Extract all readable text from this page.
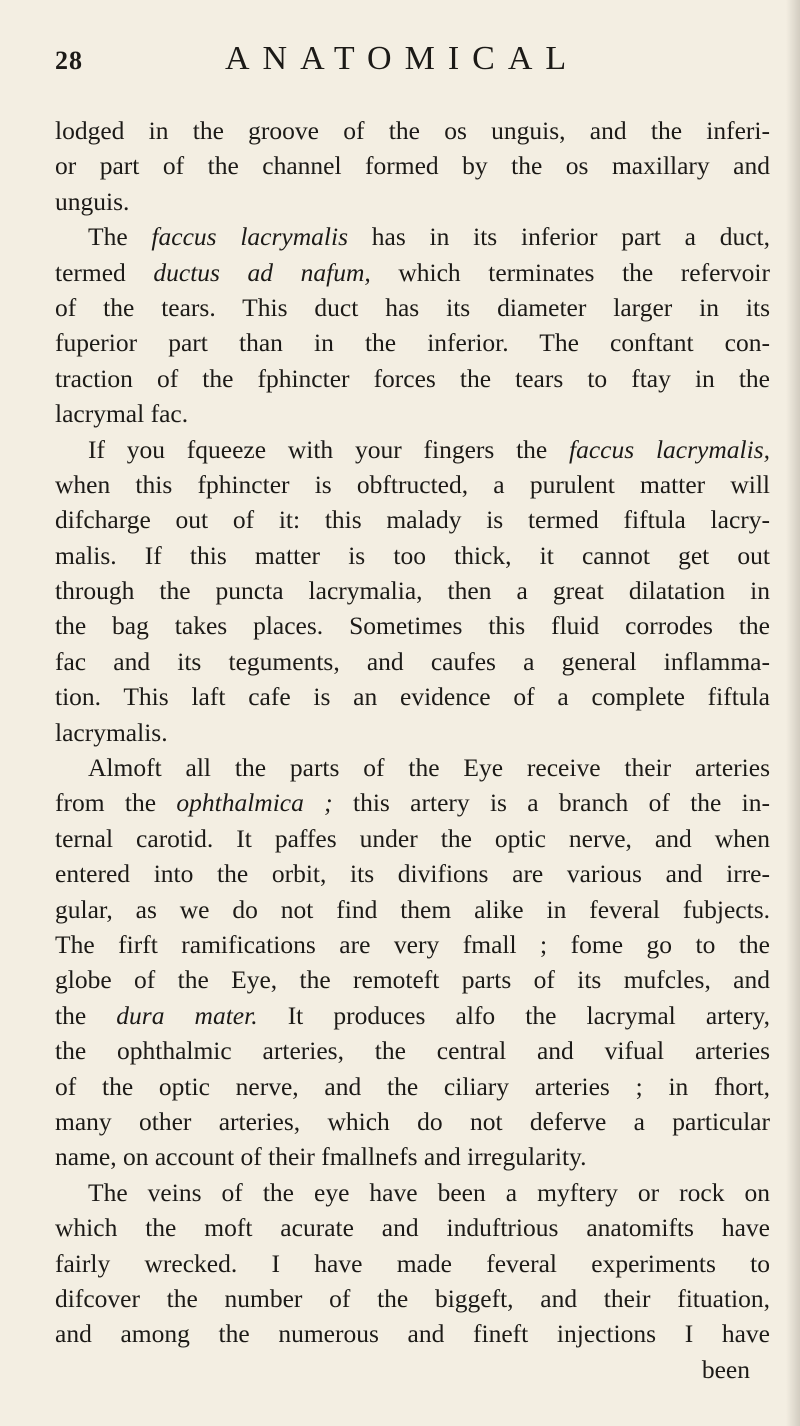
28	ANATOMICAL
lodged in the groove of the os unguis, and the inferi-
or part of the channel formed by the os maxillary and
unguis.
The faccus lacrymalis has in its inferior part a duct,
termed ductus ad nafum, which terminates the refervoir
of the tears. This duct has its diameter larger in its
fuperior part than in the inferior. The conftant con-
traction of the fphincter forces the tears to ftay in the
lacrymal fac.
If you fqueeze with your fingers the faccus lacrymalis,
when this fphincter is obftructed, a purulent matter will
difcharge out of it: this malady is termed fiftula lacry-
malis. If this matter is too thick, it cannot get out
through the puncta lacrymalia, then a great dilatation in
the bag takes places. Sometimes this fluid corrodes the
fac and its teguments, and caufes a general inflamma-
tion. This laft cafe is an evidence of a complete fiftula
lacrymalis.
Almoft all the parts of the Eye receive their arteries
from the ophthalmica ; this artery is a branch of the in-
ternal carotid. It paffes under the optic nerve, and when
entered into the orbit, its divifions are various and irre-
gular, as we do not find them alike in feveral fubjects.
The firft ramifications are very fmall ; fome go to the
globe of the Eye, the remoteft parts of its mufcles, and
the dura mater. It produces alfo the lacrymal artery,
the ophthalmic arteries, the central and vifual arteries
of the optic nerve, and the ciliary arteries ; in fhort,
many other arteries, which do not deferve a particular
name, on account of their fmallnefs and irregularity.
The veins of the eye have been a myftery or rock on
which the moft acurate and induftrious anatomifts have
fairly wrecked. I have made feveral experiments to
difcover the number of the biggeft, and their fituation,
and among the numerous and fineft injections I have
been
